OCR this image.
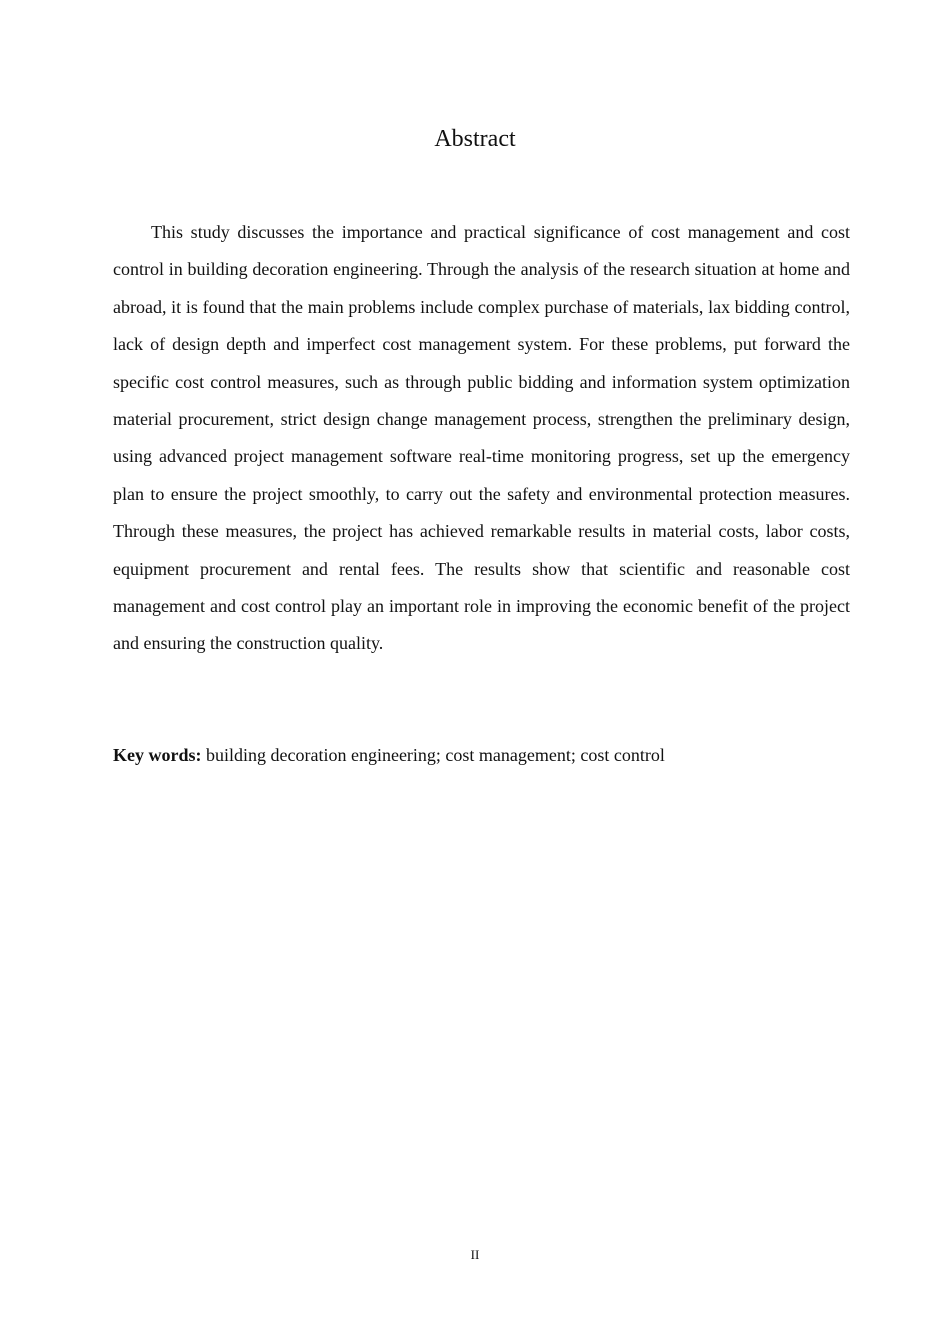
Abstract

This study discusses the importance and practical significance of cost management and cost control in building decoration engineering. Through the analysis of the research situation at home and abroad, it is found that the main problems include complex purchase of materials, lax bidding control, lack of design depth and imperfect cost management system. For these problems, put forward the specific cost control measures, such as through public bidding and information system optimization material procurement, strict design change management process, strengthen the preliminary design, using advanced project management software real-time monitoring progress, set up the emergency plan to ensure the project smoothly, to carry out the safety and environmental protection measures. Through these measures, the project has achieved remarkable results in material costs, labor costs, equipment procurement and rental fees. The results show that scientific and reasonable cost management and cost control play an important role in improving the economic benefit of the project and ensuring the construction quality.

Key words: building decoration engineering; cost management; cost control

II
